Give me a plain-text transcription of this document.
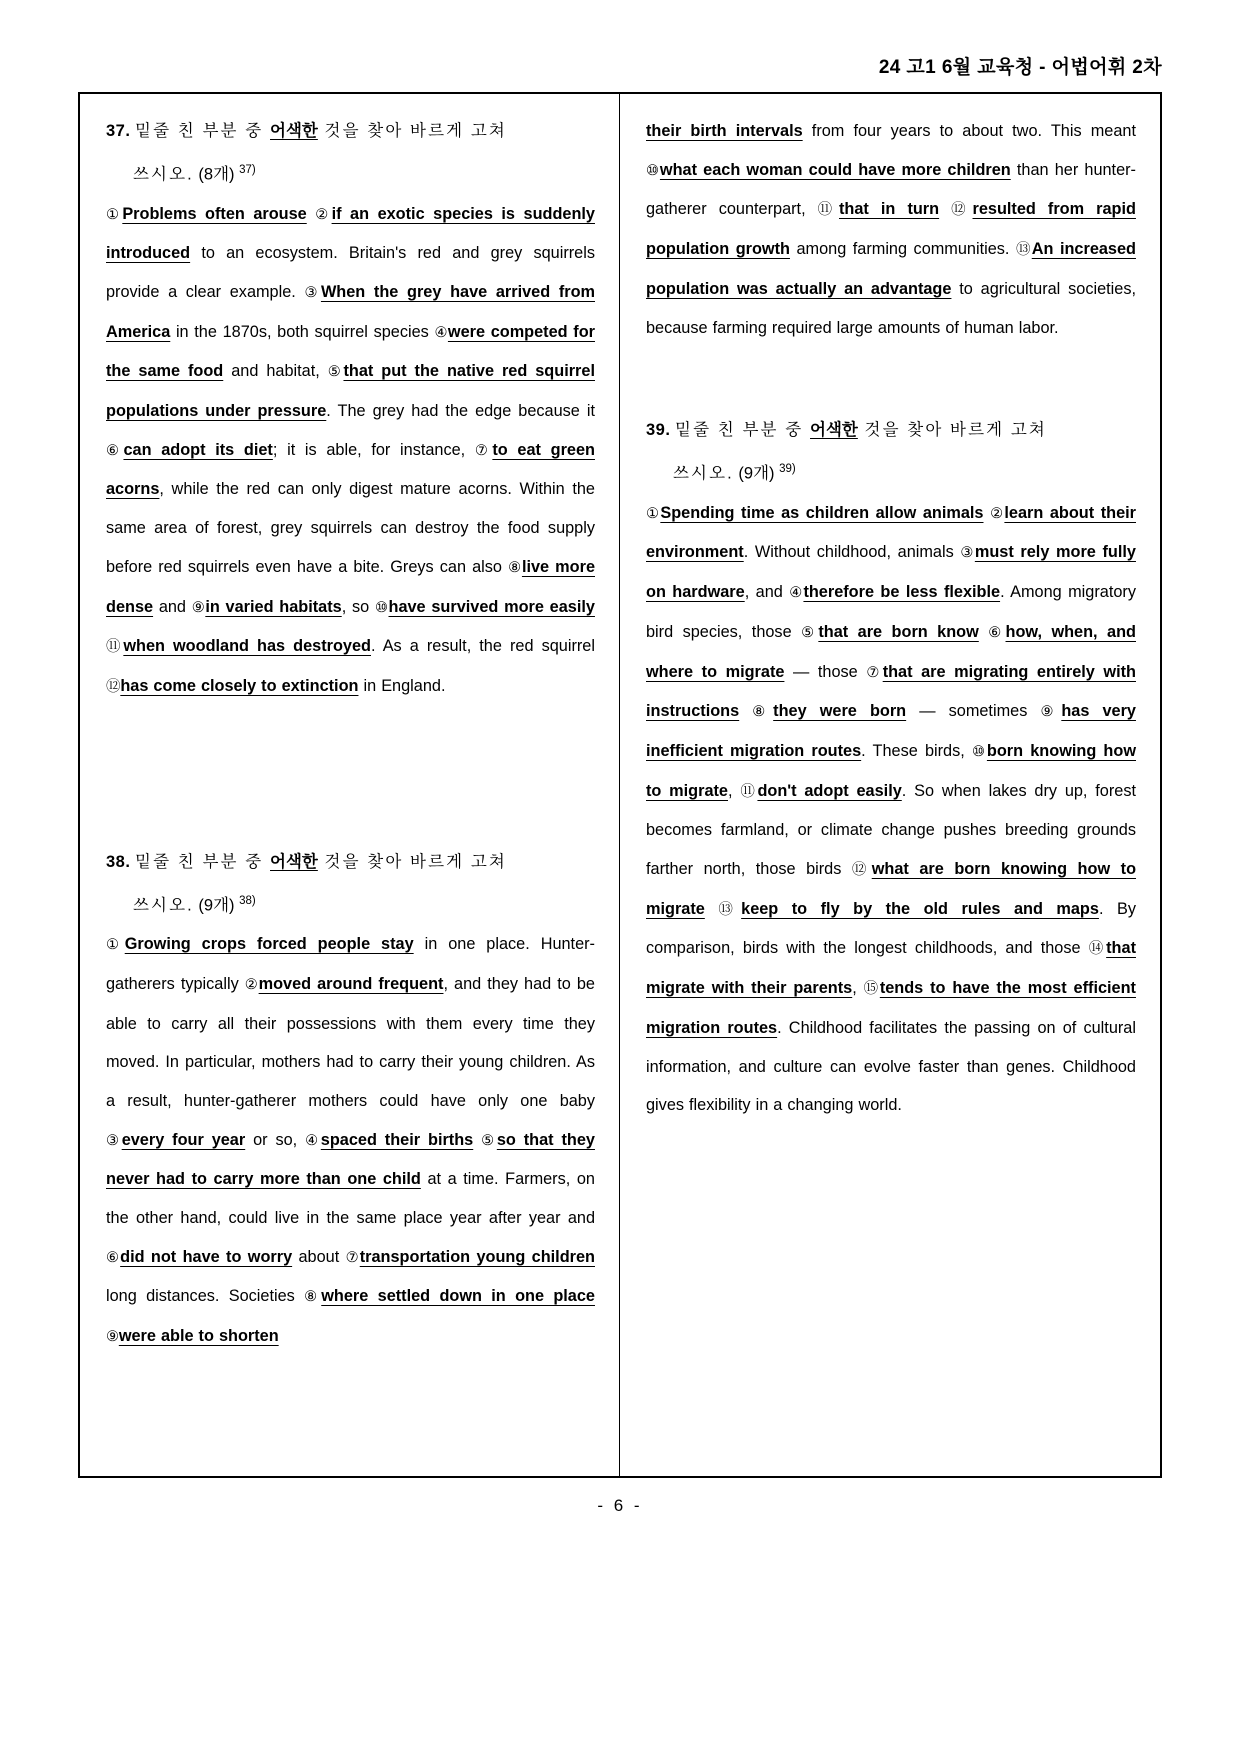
24 고1 6월 교육청 - 어법어휘 2차
37. 밑줄 친 부분 중 어색한 것을 찾아 바르게 고쳐
쓰시오. (8개) $^{37)}$
①Problems often arouse ②if an exotic species is suddenly introduced to an ecosystem. Britain's red and grey squirrels provide a clear example. ③When the grey have arrived from America in the 1870s, both squirrel species ④were competed for the same food and habitat, ⑤that put the native red squirrel populations under pressure. The grey had the edge because it ⑥can adopt its diet; it is able, for instance, ⑦to eat green acorns, while the red can only digest mature acorns. Within the same area of forest, grey squirrels can destroy the food supply before red squirrels even have a bite. Greys can also ⑧live more dense and ⑨in varied habitats, so ⑩have survived more easily ⑪when woodland has destroyed. As a result, the red squirrel ⑫has come closely to extinction in England.
38. 밑줄 친 부분 중 어색한 것을 찾아 바르게 고쳐
쓰시오. (9개) $^{38)}$
①Growing crops forced people stay in one place. Hunter-gatherers typically ②moved around frequent, and they had to be able to carry all their possessions with them every time they moved. In particular, mothers had to carry their young children. As a result, hunter-gatherer mothers could have only one baby ③every four year or so, ④spaced their births ⑤so that they never had to carry more than one child at a time. Farmers, on the other hand, could live in the same place year after year and ⑥did not have to worry about ⑦transportation young children long distances. Societies ⑧where settled down in one place ⑨were able to shorten
their birth intervals from four years to about two. This meant ⑩what each woman could have more children than her hunter-gatherer counterpart, ⑪that in turn ⑫resulted from rapid population growth among farming communities. ⑬An increased population was actually an advantage to agricultural societies, because farming required large amounts of human labor.
39. 밑줄 친 부분 중 어색한 것을 찾아 바르게 고쳐
쓰시오. (9개) $^{39)}$
①Spending time as children allow animals ②learn about their environment. Without childhood, animals ③must rely more fully on hardware, and ④therefore be less flexible. Among migratory bird species, those ⑤that are born know ⑥how, when, and where to migrate — those ⑦that are migrating entirely with instructions ⑧they were born — sometimes ⑨has very inefficient migration routes. These birds, ⑩born knowing how to migrate, ⑪don't adopt easily. So when lakes dry up, forest becomes farmland, or climate change pushes breeding grounds farther north, those birds ⑫what are born knowing how to migrate ⑬keep to fly by the old rules and maps. By comparison, birds with the longest childhoods, and those ⑭that migrate with their parents, ⑮tends to have the most efficient migration routes. Childhood facilitates the passing on of cultural information, and culture can evolve faster than genes. Childhood gives flexibility in a changing world.
- 6 -
